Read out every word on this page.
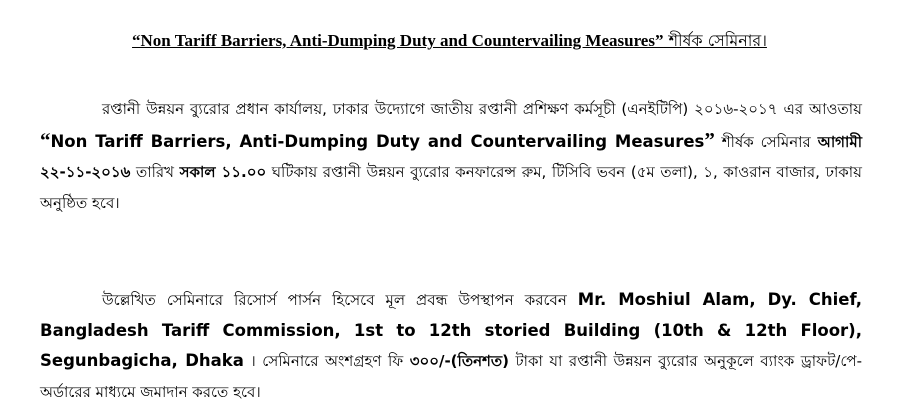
“Non Tariff Barriers, Anti-Dumping Duty and Countervailing Measures” শীর্ষক সেমিনার।
রপ্তানী উন্নয়ন ব্যুরোর প্রধান কার্যালয়, ঢাকার উদ্যোগে জাতীয় রপ্তানী প্রশিক্ষণ কর্মসূচী (এনইটিপি) ২০১৬-২০১৭ এর আওতায় “Non Tariff Barriers, Anti-Dumping Duty and Countervailing Measures” শীর্ষক সেমিনার আগামী ২২-১১-২০১৬ তারিখ সকাল ১১.০০ ঘটিকায় রপ্তানী উন্নয়ন ব্যুরোর কনফারেন্স রুম, টিসিবি ভবন (৫ম তলা), ১, কাওরান বাজার, ঢাকায় অনুষ্ঠিত হবে।
উল্লেখিত সেমিনারে রিসোর্স পার্সন হিসেবে মূল প্রবন্ধ উপস্থাপন করবেন Mr. Moshiul Alam, Dy. Chief, Bangladesh Tariff Commission, 1st to 12th storied Building (10th & 12th Floor), Segunbagicha, Dhaka । সেমিনারে অংশগ্রহণ ফি ৩০০/-(তিনশত) টাকা যা রপ্তানী উন্নয়ন ব্যুরোর অনুকূলে ব্যাংক ড্রাফট/পে-অর্ডারের মাধ্যমে জমাদান করতে হবে।
